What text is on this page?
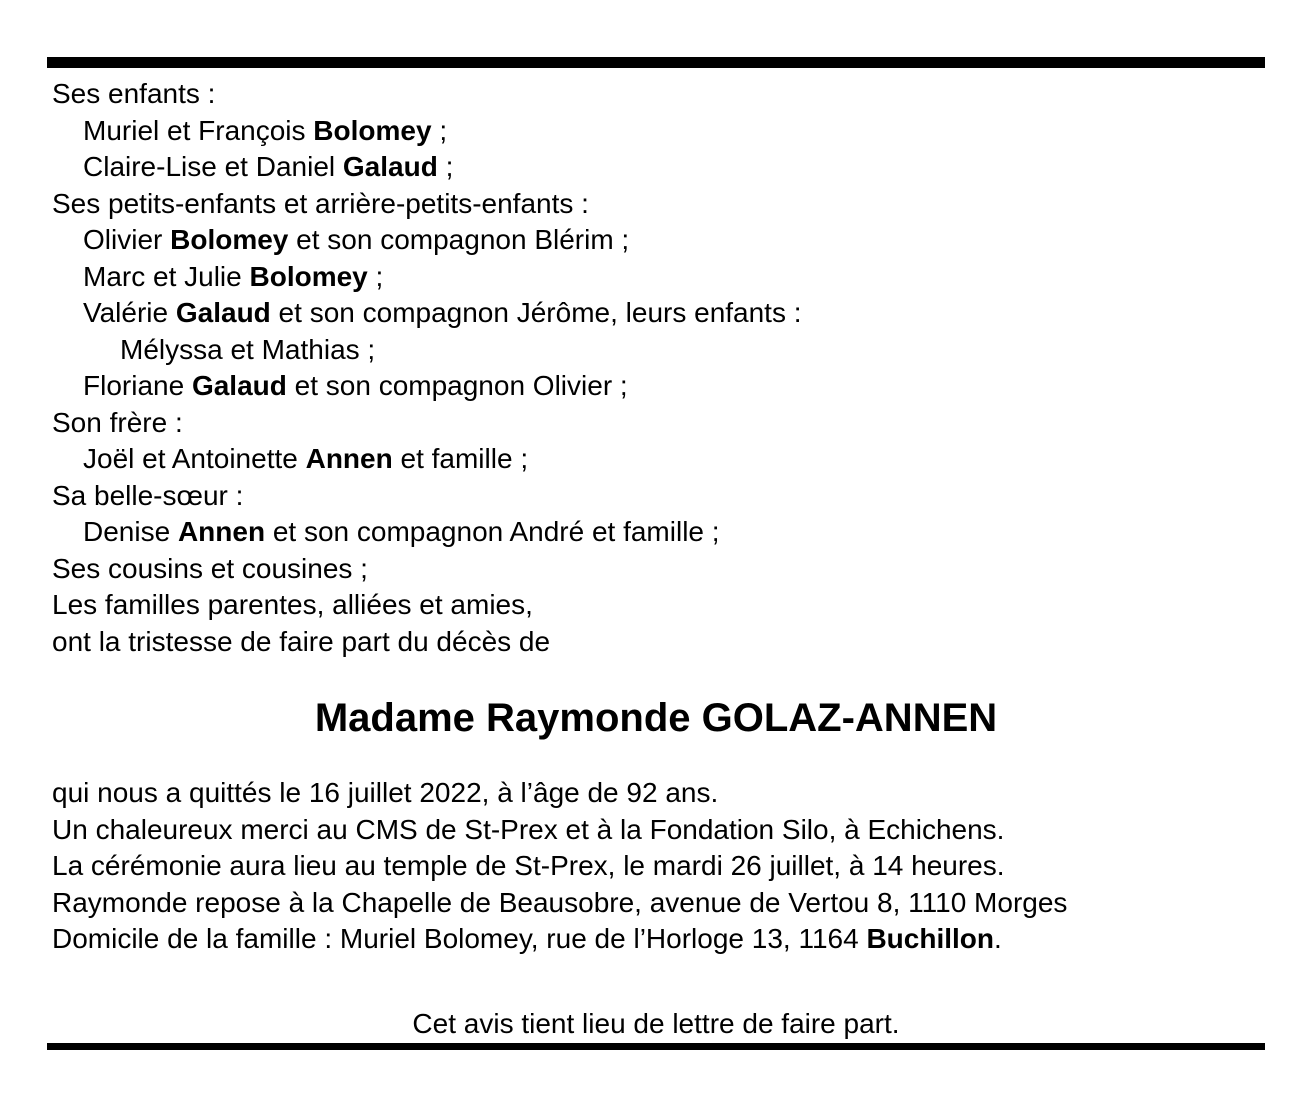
Ses enfants :
Muriel et François Bolomey ;
Claire-Lise et Daniel Galaud ;
Ses petits-enfants et arrière-petits-enfants :
Olivier Bolomey et son compagnon Blérim ;
Marc et Julie Bolomey ;
Valérie Galaud et son compagnon Jérôme, leurs enfants :
Mélyssa et Mathias ;
Floriane Galaud et son compagnon Olivier ;
Son frère :
Joël et Antoinette Annen et famille ;
Sa belle-sœur :
Denise Annen et son compagnon André et famille ;
Ses cousins et cousines ;
Les familles parentes, alliées et amies,
ont la tristesse de faire part du décès de
Madame Raymonde GOLAZ-ANNEN
qui nous a quittés le 16 juillet 2022, à l’âge de 92 ans.
Un chaleureux merci au CMS de St-Prex et à la Fondation Silo, à Echichens.
La cérémonie aura lieu au temple de St-Prex, le mardi 26 juillet, à 14 heures.
Raymonde repose à la Chapelle de Beausobre, avenue de Vertou 8, 1110 Morges
Domicile de la famille : Muriel Bolomey, rue de l’Horloge 13, 1164 Buchillon.
Cet avis tient lieu de lettre de faire part.
